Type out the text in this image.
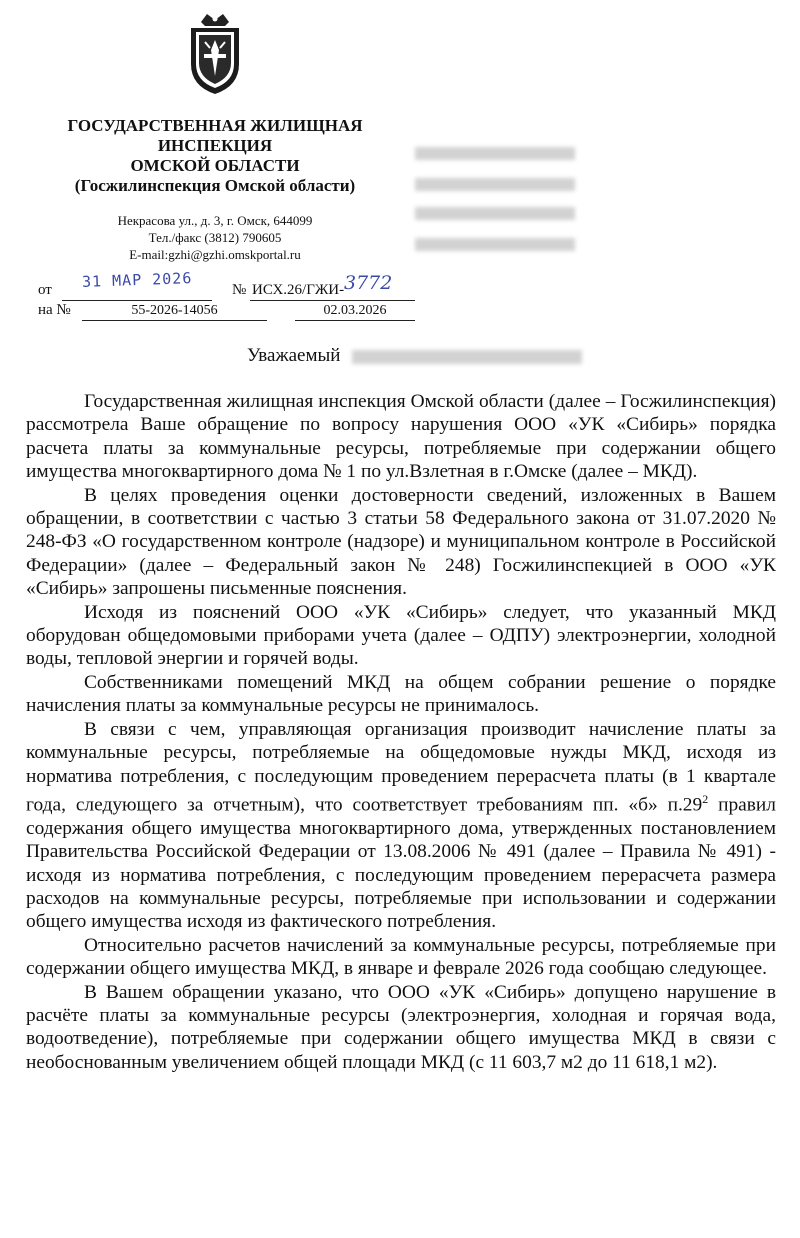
ГОСУДАРСТВЕННАЯ ЖИЛИЩНАЯ
ИНСПЕКЦИЯ
ОМСКОЙ ОБЛАСТИ
(Госжилинспекция Омской области)
Некрасова ул., д. 3, г. Омск, 644099
Тел./факс (3812) 790605
E-mail:gzhi@gzhi.omskportal.ru
от 31 МАР 2026	№ ИСХ.26/ГЖИ- 3772
на №	55-2026-14056	02.03.2026
Уважаемый

Государственная жилищная инспекция Омской области (далее – Госжилинспекция) рассмотрела Ваше обращение по вопросу нарушения ООО «УК «Сибирь» порядка расчета платы за коммунальные ресурсы, потребляемые при содержании общего имущества многоквартирного дома № 1 по ул.Взлетная в г.Омске (далее – МКД).

В целях проведения оценки достоверности сведений, изложенных в Вашем обращении, в соответствии с частью 3 статьи 58 Федерального закона от 31.07.2020 № 248-ФЗ «О государственном контроле (надзоре) и муниципальном контроле в Российской Федерации» (далее – Федеральный закон № 248) Госжилинспекцией в ООО «УК «Сибирь» запрошены письменные пояснения.

Исходя из пояснений ООО «УК «Сибирь» следует, что указанный МКД оборудован общедомовыми приборами учета (далее – ОДПУ) электроэнергии, холодной воды, тепловой энергии и горячей воды.

Собственниками помещений МКД на общем собрании решение о порядке начисления платы за коммунальные ресурсы не принималось.

В связи с чем, управляющая организация производит начисление платы за коммунальные ресурсы, потребляемые на общедомовые нужды МКД, исходя из норматива потребления, с последующим проведением перерасчета платы (в 1 квартале года, следующего за отчетным), что соответствует требованиям пп. «б» $п.29^2$ правил содержания общего имущества многоквартирного дома, утвержденных постановлением Правительства Российской Федерации от 13.08.2006 № 491 (далее – Правила № 491) - исходя из норматива потребления, с последующим проведением перерасчета размера расходов на коммунальные ресурсы, потребляемые при использовании и содержании общего имущества исходя из фактического потребления.

Относительно расчетов начислений за коммунальные ресурсы, потребляемые при содержании общего имущества МКД, в январе и феврале 2026 года сообщаю следующее.

В Вашем обращении указано, что ООО «УК «Сибирь» допущено нарушение в расчёте платы за коммунальные ресурсы (электроэнергия, холодная и горячая вода, водоотведение), потребляемые при содержании общего имущества МКД в связи с необоснованным увеличением общей площади МКД (с 11 603,7 м2 до 11 618,1 м2).
